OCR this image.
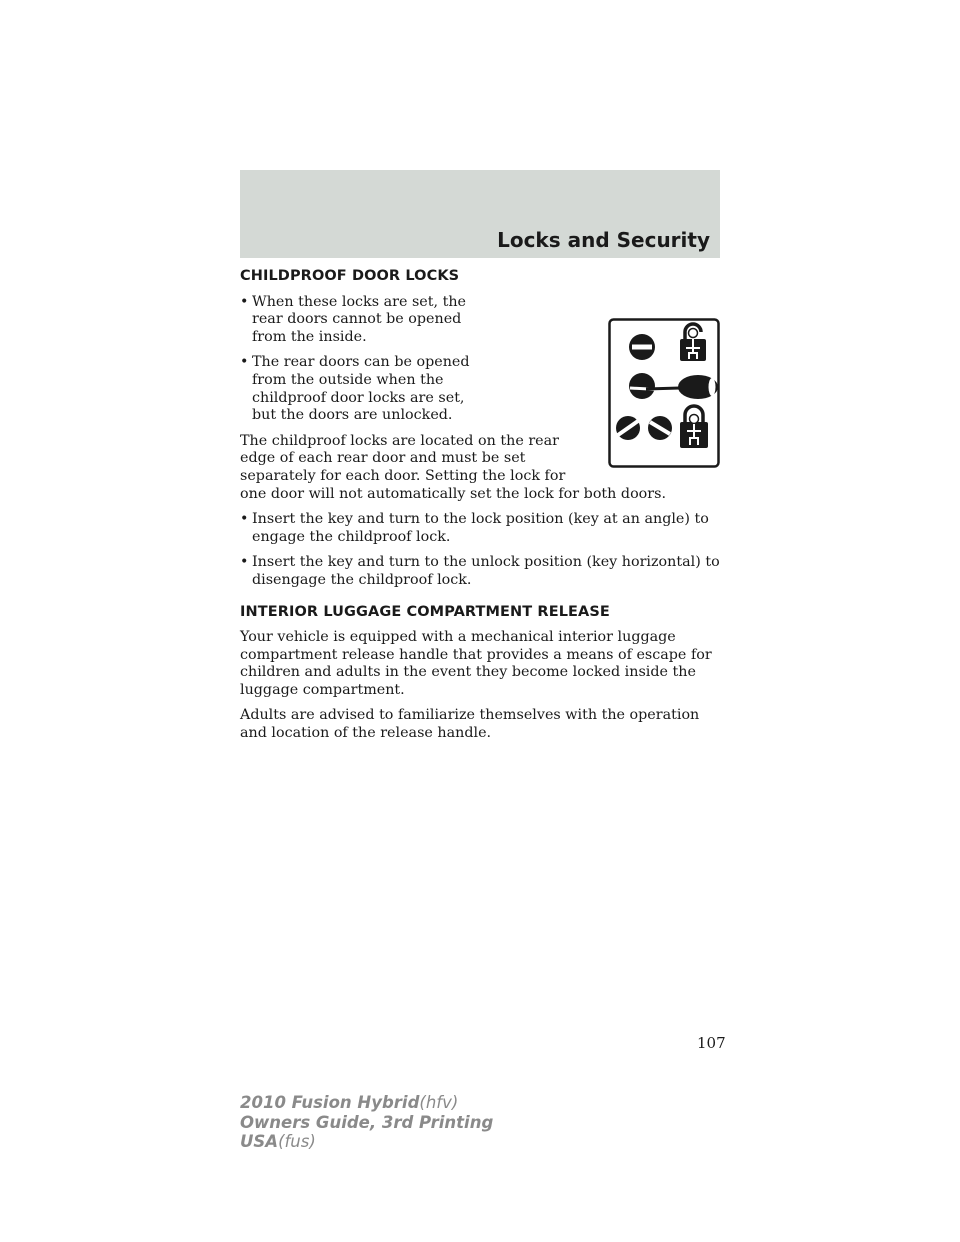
Locks and Security
CHILDPROOF DOOR LOCKS
• When these locks are set, the rear doors cannot be opened from the inside.
• The rear doors can be opened from the outside when the childproof door locks are set, but the doors are unlocked.

The childproof locks are located on the rear edge of each rear door and must be set separately for each door. Setting the lock for one door will not automatically set the lock for both doors.

• Insert the key and turn to the lock position (key at an angle) to engage the childproof lock.
• Insert the key and turn to the unlock position (key horizontal) to disengage the childproof lock.
INTERIOR LUGGAGE COMPARTMENT RELEASE

Your vehicle is equipped with a mechanical interior luggage compartment release handle that provides a means of escape for children and adults in the event they become locked inside the luggage compartment.

Adults are advised to familiarize themselves with the operation and location of the release handle.

107
2010 Fusion Hybrid(hfv)
Owners Guide, 3rd Printing
USA(fus)
